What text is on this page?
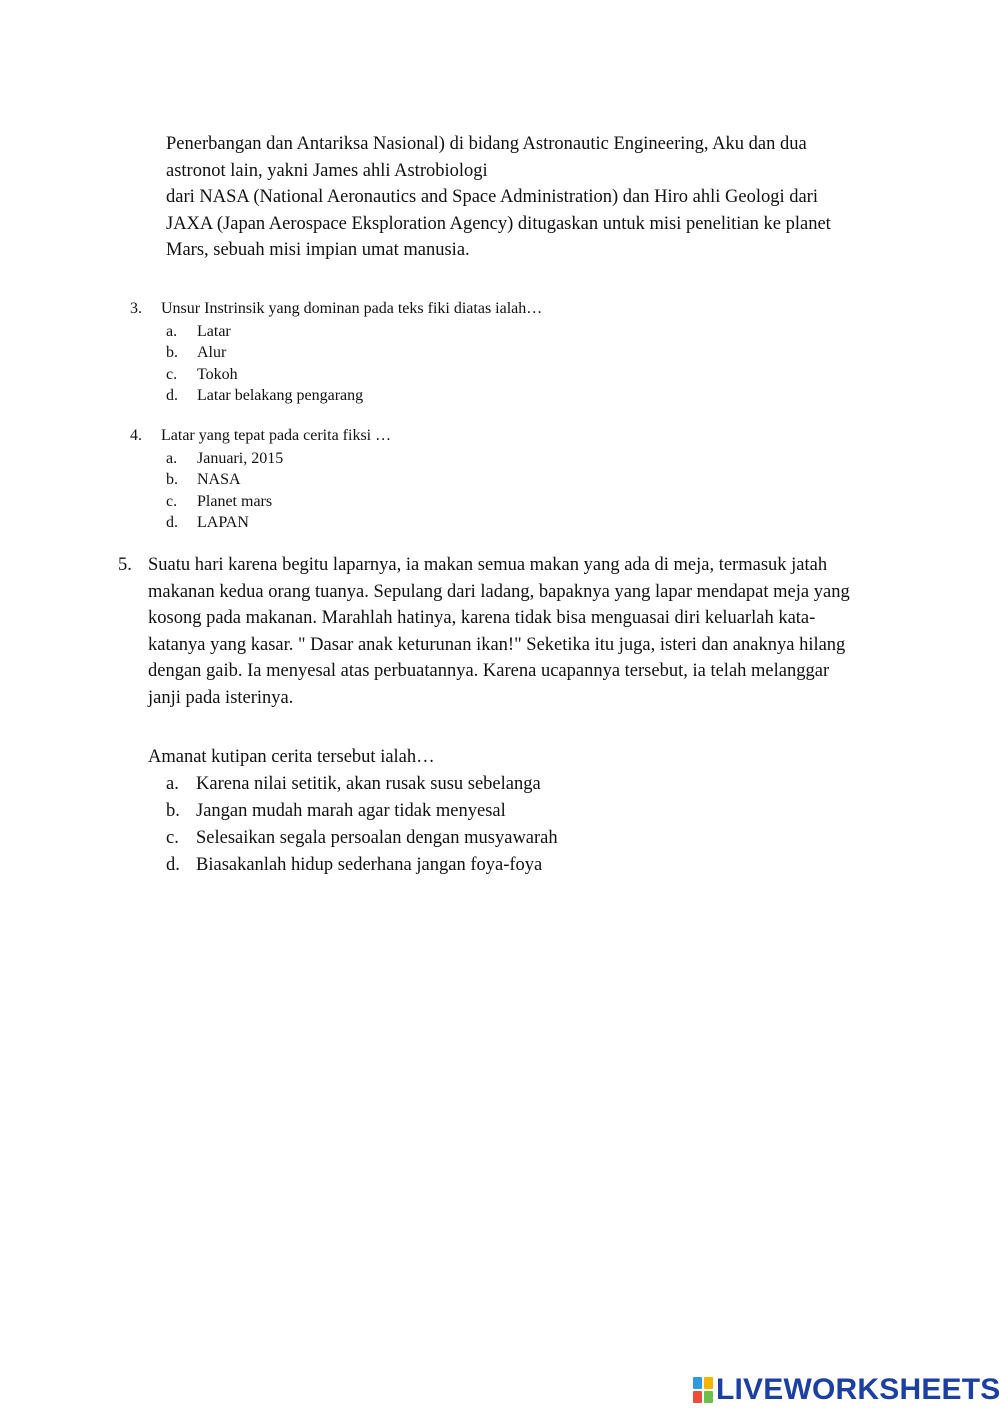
Penerbangan dan Antariksa Nasional) di bidang Astronautic Engineering, Aku dan dua
astronot lain, yakni James ahli Astrobiologi
dari NASA (National Aeronautics and Space Administration) dan Hiro ahli Geologi dari
JAXA (Japan Aerospace Eksploration Agency) ditugaskan untuk misi penelitian ke planet
Mars, sebuah misi impian umat manusia.
3. Unsur Instrinsik yang dominan pada teks fiki diatas ialah…
a.	Latar
b.	Alur
c.	Tokoh
d.	Latar belakang pengarang
4. Latar yang tepat pada cerita fiksi …
a.	Januari, 2015
b.	NASA
c.	Planet mars
d.	LAPAN
5. Suatu hari karena begitu laparnya, ia makan semua makan yang ada di meja, termasuk jatah
makanan kedua orang tuanya. Sepulang dari ladang, bapaknya yang lapar mendapat meja yang
kosong pada makanan. Marahlah hatinya, karena tidak bisa menguasai diri keluarlah kata-
katanya yang kasar. " Dasar anak keturunan ikan!" Seketika itu juga, isteri dan anaknya hilang
dengan gaib. Ia menyesal atas perbuatannya. Karena ucapannya tersebut, ia telah melanggar
janji pada isterinya.
Amanat kutipan cerita tersebut ialah…
a. Karena nilai setitik, akan rusak susu sebelanga
b. Jangan mudah marah agar tidak menyesal
c. Selesaikan segala persoalan dengan musyawarah
d. Biasakanlah hidup sederhana jangan foya-foya
LIVEWORKSHEETS
